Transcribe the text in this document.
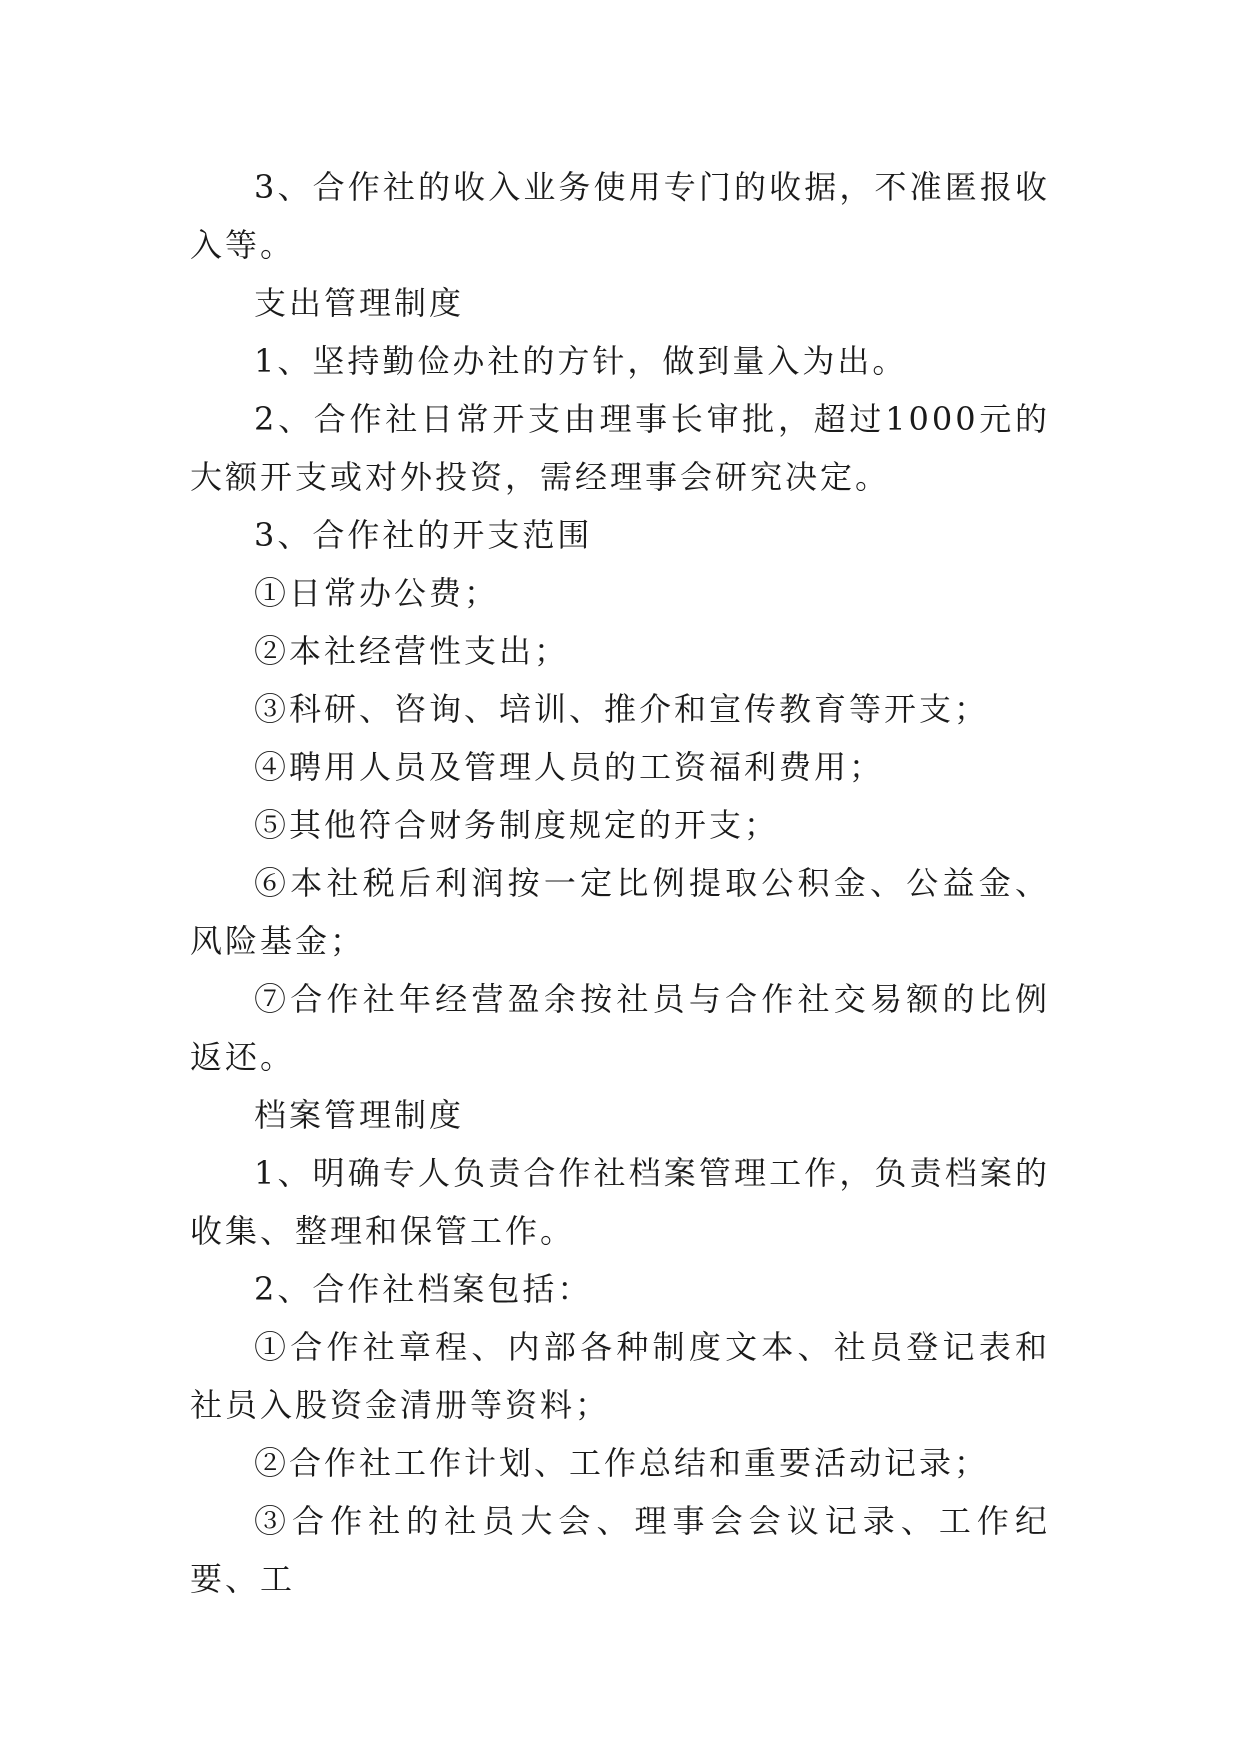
3、合作社的收入业务使用专门的收据，不准匿报收入等。

支出管理制度

1、坚持勤俭办社的方针，做到量入为出。

2、合作社日常开支由理事长审批，超过1000元的大额开支或对外投资，需经理事会研究决定。

3、合作社的开支范围

①日常办公费；

②本社经营性支出；

③科研、咨询、培训、推介和宣传教育等开支；

④聘用人员及管理人员的工资福利费用；

⑤其他符合财务制度规定的开支；

⑥本社税后利润按一定比例提取公积金、公益金、风险基金；

⑦合作社年经营盈余按社员与合作社交易额的比例返还。

档案管理制度

1、明确专人负责合作社档案管理工作，负责档案的收集、整理和保管工作。

2、合作社档案包括：

①合作社章程、内部各种制度文本、社员登记表和社员入股资金清册等资料；

②合作社工作计划、工作总结和重要活动记录；

③合作社的社员大会、理事会会议记录、工作纪要、工
